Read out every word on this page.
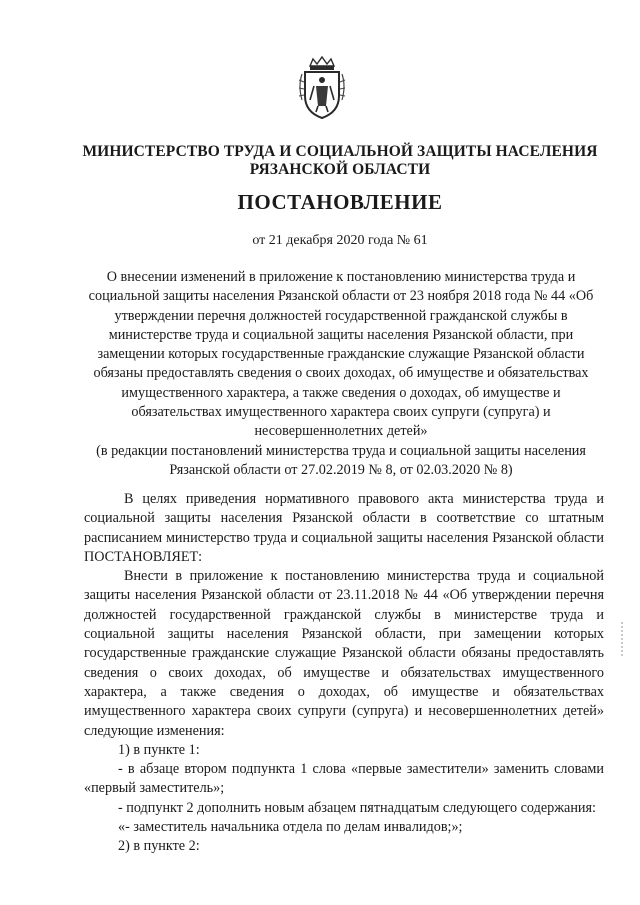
МИНИСТЕРСТВО ТРУДА И СОЦИАЛЬНОЙ ЗАЩИТЫ НАСЕЛЕНИЯ
РЯЗАНСКОЙ ОБЛАСТИ
ПОСТАНОВЛЕНИЕ
от 21 декабря 2020 года № 61

О внесении изменений в приложение к постановлению министерства труда и социальной защиты населения Рязанской области от 23 ноября 2018 года № 44 «Об утверждении перечня должностей государственной гражданской службы в министерстве труда и социальной защиты населения Рязанской области, при замещении которых государственные гражданские служащие Рязанской области обязаны предоставлять сведения о своих доходах, об имуществе и обязательствах имущественного характера, а также сведения о доходах, об имуществе и обязательствах имущественного характера своих супруги (супруга) и несовершеннолетних детей»

(в редакции постановлений министерства труда и социальной защиты населения Рязанской области от 27.02.2019 № 8, от 02.03.2020 № 8)

В целях приведения нормативного правового акта министерства труда и социальной защиты населения Рязанской области в соответствие со штатным расписанием министерство труда и социальной защиты населения Рязанской области ПОСТАНОВЛЯЕТ:

Внести в приложение к постановлению министерства труда и социальной защиты населения Рязанской области от 23.11.2018 № 44 «Об утверждении перечня должностей государственной гражданской службы в министерстве труда и социальной защиты населения Рязанской области, при замещении которых государственные гражданские служащие Рязанской области обязаны предоставлять сведения о своих доходах, об имуществе и обязательствах имущественного характера, а также сведения о доходах, об имуществе и обязательствах имущественного характера своих супруги (супруга) и несовершеннолетних детей» следующие изменения:

1) в пункте 1:

- в абзаце втором подпункта 1 слова «первые заместители» заменить словами «первый заместитель»;

- подпункт 2 дополнить новым абзацем пятнадцатым следующего содержания:

«- заместитель начальника отдела по делам инвалидов;»;

2) в пункте 2:
